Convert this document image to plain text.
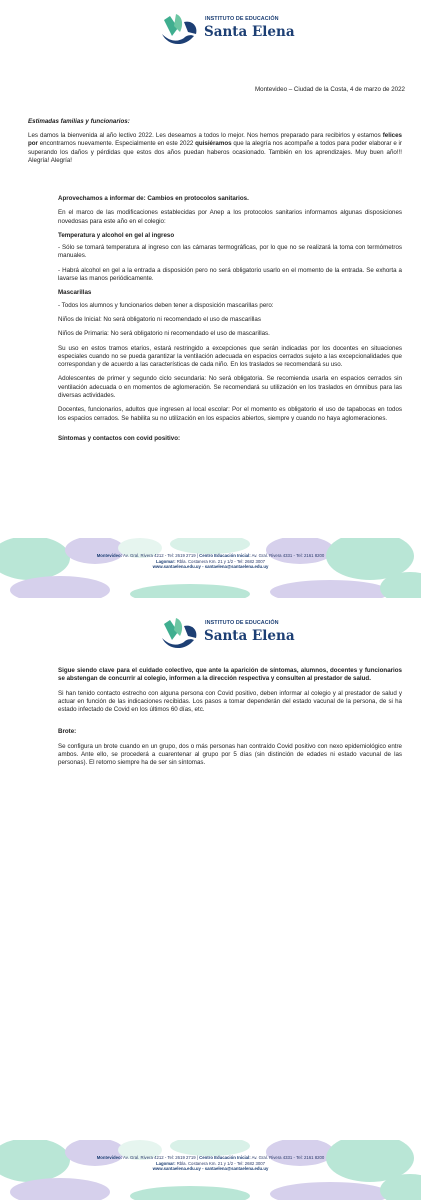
INSTITUTO DE EDUCACIÓN
Santa Elena
Montevideo – Ciudad de la Costa, 4 de marzo de 2022
Estimadas familias y funcionarios:

Les damos la bienvenida al año lectivo 2022. Les deseamos a todos lo mejor. Nos hemos preparado para recibirlos y estamos felices por encontrarnos nuevamente. Especialmente en este 2022 quisiéramos que la alegría nos acompañe a todos para poder elaborar e ir superando los daños y pérdidas que estos dos años puedan haberos ocasionado. También en los aprendizajes. Muy buen año!!! Alegría! Alegría!

Aprovechamos a informar de: Cambios en protocolos sanitarios.

En el marco de las modificaciones establecidas por Anep a los protocolos sanitarios informamos algunas disposiciones novedosas para este año en el colegio:

Temperatura y alcohol en gel al ingreso

- Sólo se tomará temperatura al ingreso con las cámaras termográficas, por lo que no se realizará la toma con termómetros manuales.

- Habrá alcohol en gel a la entrada a disposición pero no será obligatorio usarlo en el momento de la entrada. Se exhorta a lavarse las manos periódicamente.

Mascarillas

- Todos los alumnos y funcionarios deben tener a disposición mascarillas pero:

Niños de Inicial: No será obligatorio ni recomendado el uso de mascarillas

Niños de Primaria: No será obligatorio ni recomendado el uso de mascarillas.

Su uso en estos tramos etarios, estará restringido a excepciones que serán indicadas por los docentes en situaciones especiales cuando no se pueda garantizar la ventilación adecuada en espacios cerrados sujeto a las excepcionalidades que correspondan y de acuerdo a las características de cada niño. En los traslados se recomendará su uso.

Adolescentes de primer y segundo ciclo secundaria: No será obligatoria. Se recomienda usarla en espacios cerrados sin ventilación adecuada o en momentos de aglomeración. Se recomendará su utilización en los traslados en ómnibus para las diversas actividades.

Docentes, funcionarios, adultos que ingresen al local escolar: Por el momento es obligatorio el uso de tapabocas en todos los espacios cerrados. Se habilita su no utilización en los espacios abiertos, siempre y cuando no haya aglomeraciones.

Síntomas y contactos con covid positivo:

Montevideo: Av. Gral. Rivera 4212 - Tel: 2619 2719 | Centro Educación Inicial: Av. Gral. Rivera 4331 - Tel: 2161 8200
Lagomar: Rbla. Costanera Km. 21 y 1/2 - Tel: 2682 3007
www.santaelena.edu.uy - santaelena@santaelena.edu.uy
INSTITUTO DE EDUCACIÓN
Santa Elena

Sigue siendo clave para el cuidado colectivo, que ante la aparición de síntomas, alumnos, docentes y funcionarios se abstengan de concurrir al colegio, informen a la dirección respectiva y consulten al prestador de salud.

Si han tenido contacto estrecho con alguna persona con Covid positivo, deben informar al colegio y al prestador de salud y actuar en función de las indicaciones recibidas. Los pasos a tomar dependerán del estado vacunal de la persona, de si ha estado infectado de Covid en los últimos 60 días, etc.

Brote:

Se configura un brote cuando en un grupo, dos o más personas han contraído Covid positivo con nexo epidemiológico entre ambos. Ante ello, se procederá a cuarentenar al grupo por 5 días (sin distinción de edades ni estado vacunal de las personas). El retorno siempre ha de ser sin síntomas.

Montevideo: Av. Gral. Rivera 4212 - Tel: 2619 2719 | Centro Educación Inicial: Av. Gral. Rivera 4331 - Tel: 2161 8200
Lagomar: Rbla. Costanera Km. 21 y 1/2 - Tel: 2682 3007
www.santaelena.edu.uy - santaelena@santaelena.edu.uy
